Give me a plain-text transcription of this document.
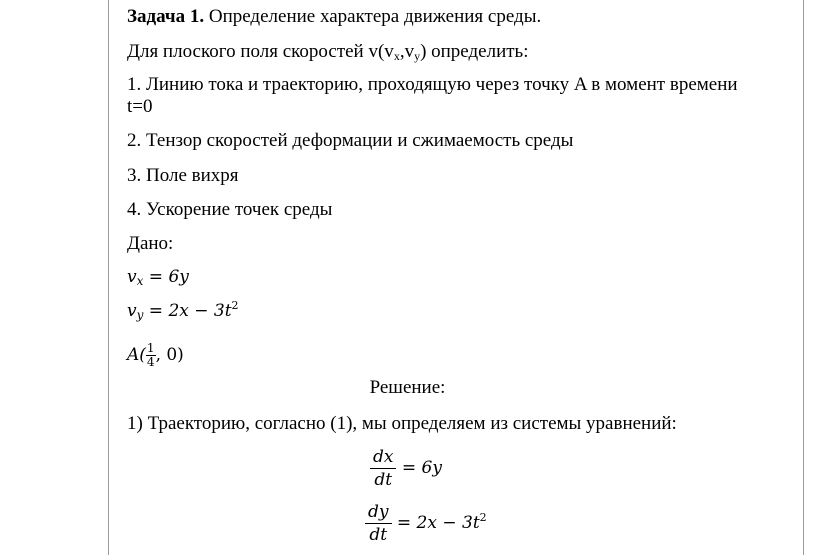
Задача 1. Определение характера движения среды.
Для плоского поля скоростей $v(v_x,v_y)$ определить:
1. Линию тока и траекторию, проходящую через точку A в момент времени
t=0
2. Тензор скоростей деформации и сжимаемость среды
3. Поле вихря
4. Ускорение точек среды
Дано:
$v_x = 6y$
$v_y = 2x - 3t^2$
$A( \frac{1}{4}$ , 0)
Решение:
1) Траекторию, согласно (1), мы определяем из системы уравнений:
$\frac{dx}{dt} = 6y$
$\frac{dy}{dt} = 2x - 3t^2$
